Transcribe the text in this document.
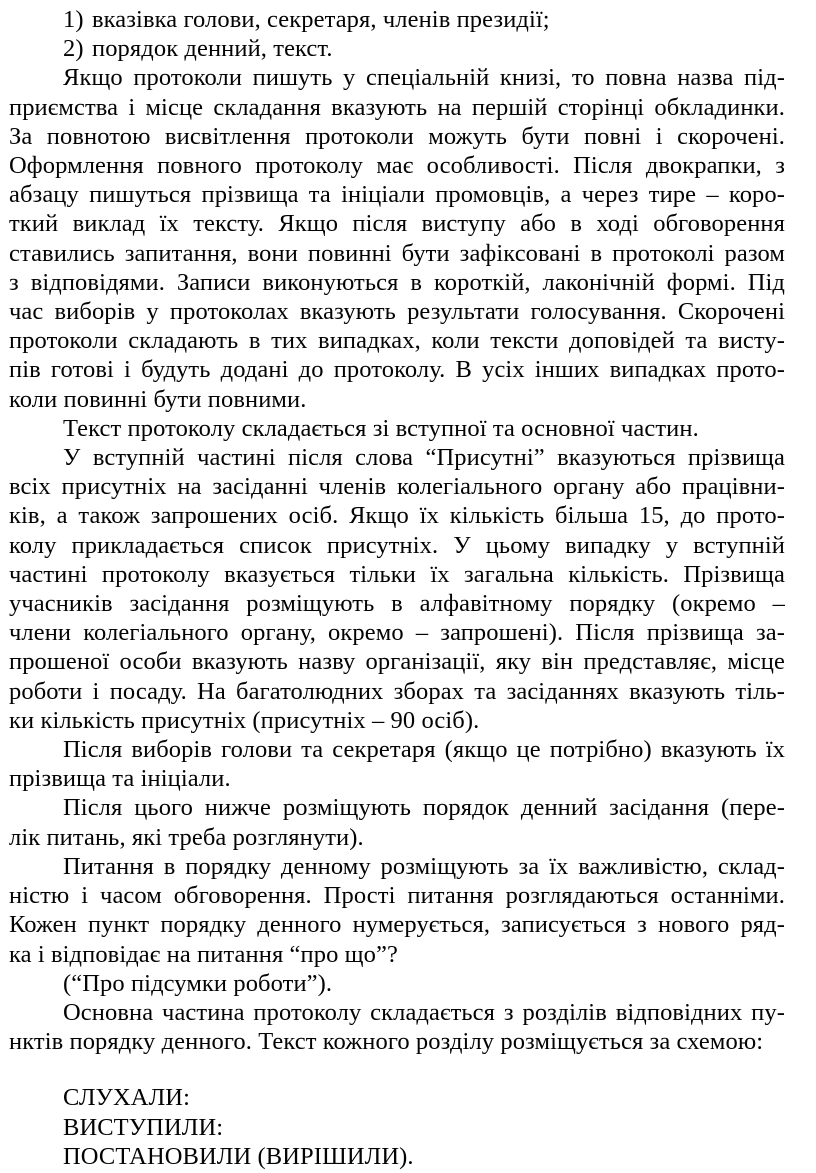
1) вказівка голови, секретаря, членів президії;
2) порядок денний, текст.
Якщо протоколи пишуть у спеціальній книзі, то повна назва під-
приємства і місце складання вказують на першій сторінці обкладинки.
За повнотою висвітлення протоколи можуть бути повні і скорочені.
Оформлення повного протоколу має особливості. Після двокрапки, з
абзацу пишуться прізвища та ініціали промовців, а через тире – коро-
ткий виклад їх тексту. Якщо після виступу або в ході обговорення
ставились запитання, вони повинні бути зафіксовані в протоколі разом
з відповідями. Записи виконуються в короткій, лаконічній формі. Під
час виборів у протоколах вказують результати голосування. Скорочені
протоколи складають в тих випадках, коли тексти доповідей та висту-
пів готові і будуть додані до протоколу. В усіх інших випадках прото-
коли повинні бути повними.
Текст протоколу складається зі вступної та основної частин.
У вступній частині після слова “Присутні” вказуються прізвища
всіх присутніх на засіданні членів колегіального органу або працівни-
ків, а також запрошених осіб. Якщо їх кількість більша 15, до прото-
колу прикладається список присутніх. У цьому випадку у вступній
частині протоколу вказується тільки їх загальна кількість. Прізвища
учасників засідання розміщують в алфавітному порядку (окремо –
члени колегіального органу, окремо – запрошені). Після прізвища за-
прошеної особи вказують назву організації, яку він представляє, місце
роботи і посаду. На багатолюдних зборах та засіданнях вказують тіль-
ки кількість присутніх (присутніх – 90 осіб).
Після виборів голови та секретаря (якщо це потрібно) вказують їх
прізвища та ініціали.
Після цього нижче розміщують порядок денний засідання (пере-
лік питань, які треба розглянути).
Питання в порядку денному розміщують за їх важливістю, склад-
ністю і часом обговорення. Прості питання розглядаються останніми.
Кожен пункт порядку денного нумерується, записується з нового ряд-
ка і відповідає на питання “про що”?
(“Про підсумки роботи”).
Основна частина протоколу складається з розділів відповідних пу-
нктів порядку денного. Текст кожного розділу розміщується за схемою:
СЛУХАЛИ:
ВИСТУПИЛИ:
ПОСТАНОВИЛИ (ВИРІШИЛИ).
